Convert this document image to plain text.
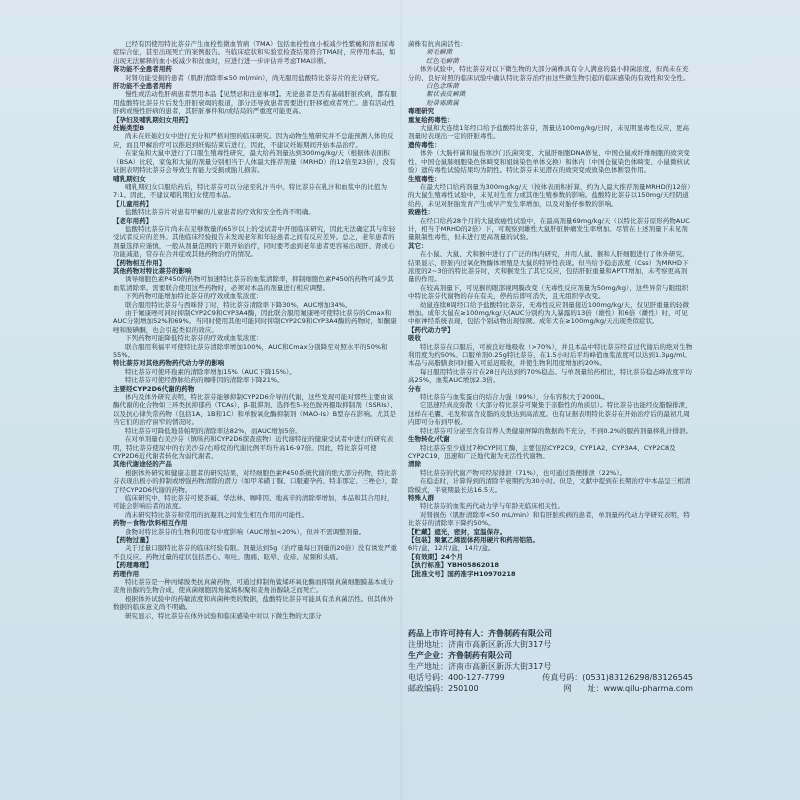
已经有因使用特比萘芬产生血栓性微血管病（TMA）包括血栓性血小板减少性紫癜和溶血尿毒症综合征，甚至出现死亡的案例报告。当临床症状和实验室检查结果符合TMA时，应停用本品，如出现无法解释的血小板减少和贫血时，应进行进一步评估并考虑TMA诊断。

肾功能不全患者用药

对肾功能受损的患者（肌酐清除率≤50 ml/min），尚无服用盐酸特比萘芬片的充分研究。

肝功能不全患者用药

慢性或活动性肝病患者禁用本品【见禁忌和注意事项】。无论患者是否有基础肝脏疾病，都有服用盐酸特比萘芬片后发生肝脏衰竭的报道，部分还导致患者需要进行肝移植或者死亡。患有活动性肝病或慢性肝病的患者，其肝脏事件和/或结局的严重度可能更高。

【孕妇及哺乳期妇女用药】

妊娠类型B

尚未在妊娠妇女中进行充分和严格对照的临床研究。因为动物生殖研究并不总能预测人体的反应，而且甲癣治疗可以推迟到妊娠结束后进行，因此，不建议妊娠期间开始本品治疗。

在家兔和大鼠中进行了口服生殖毒性研究，最大给药剂量达到300mg/kg/天（根据体表面积（BSA）比较，家兔和大鼠的剂量分别相当于人体最大推荐剂量（MRHD）的12倍至23倍），没有证据表明特比萘芬会导致生育能力受损或胎儿损害。

哺乳期妇女

哺乳期妇女口服给药后，特比萘芬可以分泌至乳汁当中。特比萘芬在乳汁和血浆中的比值为7:1。因此，不建议哺乳期妇女使用本品。

【儿童用药】

盐酸特比萘芬片对患有甲癣的儿童患者的疗效和安全性尚不明确。

【老年用药】

盐酸特比萘芬片尚未在足够数量的65岁以上的受试者中开展临床研究，因此无法确定其与年轻受试者反应的差异。其他临床经验报告未发现老年和年轻患者之间有反应差异。总之，老年患者的剂量选择应谨慎，一般从剂量范围的下限开始治疗，同时要考虑到老年患者更容易出现肝、肾或心功能减退，常存在合并症或其他药物治疗的情况。

【药物相互作用】

其他药物对特比萘芬的影响

诱导细胞色素P450的药物可加速特比萘芬的血浆清除率，抑制细胞色素P450的药物可减少其血浆清除率。需要联合使用这些药物时，必须对本品的剂量进行相应调整。

下列药物可能增加特比萘芬的疗效或血浆浓度：

联合服用特比萘芬与西咪替丁时，特比萘芬清除率下降30%，AUC增加34%。

由于氟康唑可同时抑制CYP2C9和CYP3A4酶，因此联合服用氟康唑可使特比萘芬的Cmax和AUC分别增加52%和69%。当同时使用其他可能同时抑制CYP2C9和CYP3A4酶的药物时，如酮康唑和胺碘酮，也会引起类似的效应。

下列药物可能降低特比萘芬的疗效或血浆浓度：

联合服用利福平可使特比萘芬清除率增加100%，AUC和Cmax分别降至对照水平的50%和55%。

特比萘芬对其他药物药代动力学的影响

特比萘芬可使环孢素的清除率增加15%（AUC下降15%）。

特比萘芬可使经静脉给药的咖啡因的清除率下降21%。

主要经CYP2D6代谢的药物

体内及体外研究表明，特比萘芬能够抑制CYP2D6介导的代谢，这些发现可能对那些主要由该酶代谢的化合物如三环类抗抑郁药（TCAs）、β-阻滞剂、选择性5-羟色胺再摄取抑制剂（SSRIs）、以及抗心律失常药物（包括1A、1B和1C）和单胺氧化酶抑制剂（MAO-Is）B型存在影响。尤其是当它们的治疗窗窄的情况时。

特比萘芬可降低地昔帕明的清除率达82%，而AUC增加5倍。

在对单剂量右美沙芬（镇咳药和CYP2D6探查底物）近代谢特征的健康受试者中进行的研究表明，特比萘芬使尿中的右美沙芬/右啡烷的代谢比例平均升高16-97倍。因此，特比萘芬可使CYP2D6近代谢者转化为弱代谢者。

其他代谢途径的产品

根据体外研究和健康志愿者的研究结果，对经细胞色素P450系统代谢的绝大部分药物，特比萘芬表现出极小的抑制或增强药物清除的潜力（如甲苯磺丁脲、口服避孕药、特非那定、三唑仑），除了经CYP2D6代谢的药物。

临床研究中，特比萘芬可使茶碱、华法林、咖啡因、地高辛的清除率增加，本品和其合用时，可能会影响后者的浓度。

尚未研究特比萘芬和常用的抗凝剂之间发生相互作用的可能性。

药物－食物/饮料相互作用

食物对特比萘芬的生物利用度有中度影响（AUC增加<20%），但并不需调整剂量。

【药物过量】

关于过量口服特比萘芬的临床经验有限。剂量达到5g（治疗量每日剂量的20倍）没有诱发严重不良反应。药物过量的症状包括恶心、呕吐、腹痛、眩晕、皮疹、尿频和头痛。

【药理毒理】

药理作用

特比萘芬是一种丙烯胺类抗真菌药物，可通过抑制角鲨烯环氧化酶而抑制真菌细胞膜基本成分麦角甾醇的生物合成，使真菌细胞因角鲨烯积聚和麦角甾醇缺乏而死亡。

根据体外试验中的药敏浓度和真菌种类的数据，盐酸特比萘芬可能具有杀真菌活性。但其体外数据的临床意义尚不明确。

研究显示，特比萘芬在体外试验和临床感染中对以下微生物的大部分

菌株有抗真菌活性：

须毛癣菌

红色毛癣菌

体外试验中，特比萘芬对以下微生物的大部分菌株具有令人满意的最小抑菌浓度，但尚未在充分的、良好对照的临床试验中确认特比萘芬治疗由这些微生物引起的临床感染的有效性和安全性。

白色念珠菌

絮状表皮癣菌

短帚霉菌属

毒理研究

重复给药毒性：

大鼠和犬连续1年经口给予盐酸特比萘芬，剂量达100mg/kg/日时，未见明显毒性反应，更高剂量时表现出一定的肝脏毒性。

遗传毒性：

体外（大肠杆菌和鼠伤寒沙门氏菌突变、大鼠肝细胞DNA修复、中国仓鼠成纤维细胞的致突变性、中国仓鼠肺细胞染色体畸变和姐妹染色单体交换）和体内（中国仓鼠染色体畸变、小鼠微核试验）遗传毒性试验结果均为阴性。特比萘芬未见潜在的致突变或致染色体断裂作用。

生殖毒性：

在最大经口给药剂量为300mg/kg/天（按体表面积折算，约为人最大推荐剂量MRHD的12倍）的大鼠生殖毒性试验中，未见对生育力或其他生殖参数的影响。盐酸特比萘芬以150mg/天经阴道给药，未见对胚胎发育产生或早产发生率增加，以及对胎仔参数的影响。

致癌性：

在经口给药28个月的大鼠致癌性试验中，在最高剂量69mg/kg/天（以特比萘芬原形药物AUC计，相当于MRHD的2倍）下，可观察到雄性大鼠肝脏肿瘤发生率增加。尽管在上述剂量下未见剂量限制性毒性，但未进行更高剂量的试验。

其它：

在小鼠、大鼠、犬和猴中进行了广泛的体内研究，并用人鼠、猴和人肝细胞进行了体外研究，结果显示，肝脏内过氧化物酶体增殖是大鼠的特异性表现。但当给予稳态浓度（Css）为MRHD下浓度的2~3倍的特比萘芬时，犬和猴发生了其它反应，包括肝脏重量和APTT增加，未考察更高剂量的作用。

在较高剂量下，可见猴的眼部视网膜改变（无毒性反应剂量为50mg/kg），这些异常与眼组织中特比萘芬代谢物的存在有关，停药后即可消失，且无组织学改变。

幼鼠连续8周经口给予盐酸特比萘芬，无毒性反应剂量接近100mg/kg/天，仅见肝重量的轻微增加。成年大鼠在≥100mg/kg/天(AUC分别约为人暴露的13倍（雄性）和6倍（雌性）时，可见中枢神经系统表现，包括个别动物出现惊厥。成年犬在≥100mg/kg/天出现类似症状。

【药代动力学】

吸收

特比萘芬在口服后，可被良好地吸收（>70%），并且本品中特比萘芬经首过代谢后的绝对生物利用度为约50%。口服单剂0.25g特比萘芬，在1.5小时后平均峰值血浆浓度可以达到1.3μg/ml。本品与高脂膳食同时摄入可延迟吸收，并使生物利用度增加约20%。

每日服用特比萘芬片在28日内达到约70%稳态。与单剂量给药相比，特比萘芬稳态峰浓度平均高25%，血浆AUC增加2.3倍。

分布

特比萘芬与血浆蛋白的结合力强（99%），分布容积大于2000L。

它迅速经真皮弥散（大部分特比萘芬可聚集于亲脂性的角质层）。特比萘芬也能经皮脂腺排泄，这样在毛囊、毛发和富含皮脂的皮肤达到高浓度。也有证据表明特比萘芬在开始治疗后的最初几周内即可分布到甲板。

特比萘芬可分泌至含有营养人类健康屏障的数据尚不充分，不到0.2%的服药剂量移乳汁排泄。

生物转化/代谢

特比萘芬至少通过7种CYP同工酶，主要包括CYP2C9、CYP1A2、CYP3A4、CYP2C8及CYP2C19，迅速和广泛地代谢为无活性代谢物。

清除

特比萘芬的代谢产物可经尿排泄（71%），也可通过粪便排泄（22%）。

在稳态时，计算得到的清除半衰期约为30小时。但是，文献中提到在长期治疗中本品呈三相清除模式，半衰期最长达16.5天。

特殊人群

特比萘芬的血浆药代动力学与年龄无临床相关性。

对肾损伤（肌酐清除率<50 mL/min）和有肝脏疾病的患者，单剂量药代动力学研究表明，特比萘芬的清除率下降约50%。

【贮藏】遮光，密封，室温保存。

【包装】聚氯乙烯固体药用硬片和药用铝箔。

6片/盒，12片/盒，14片/盒。

【有效期】24个月

【执行标准】YBH05862018

【批准文号】国药准字H10970218

药品上市许可持有人：齐鲁制药有限公司
注册地址：济南市高新区新泺大街317号
生产企业：齐鲁制药有限公司
生产地址：济南市高新区新泺大街317号
电话号码：400-127-7799	传真号码：(0531)83126298/83126545
邮政编码：250100	网　　址：www.qilu-pharma.com
